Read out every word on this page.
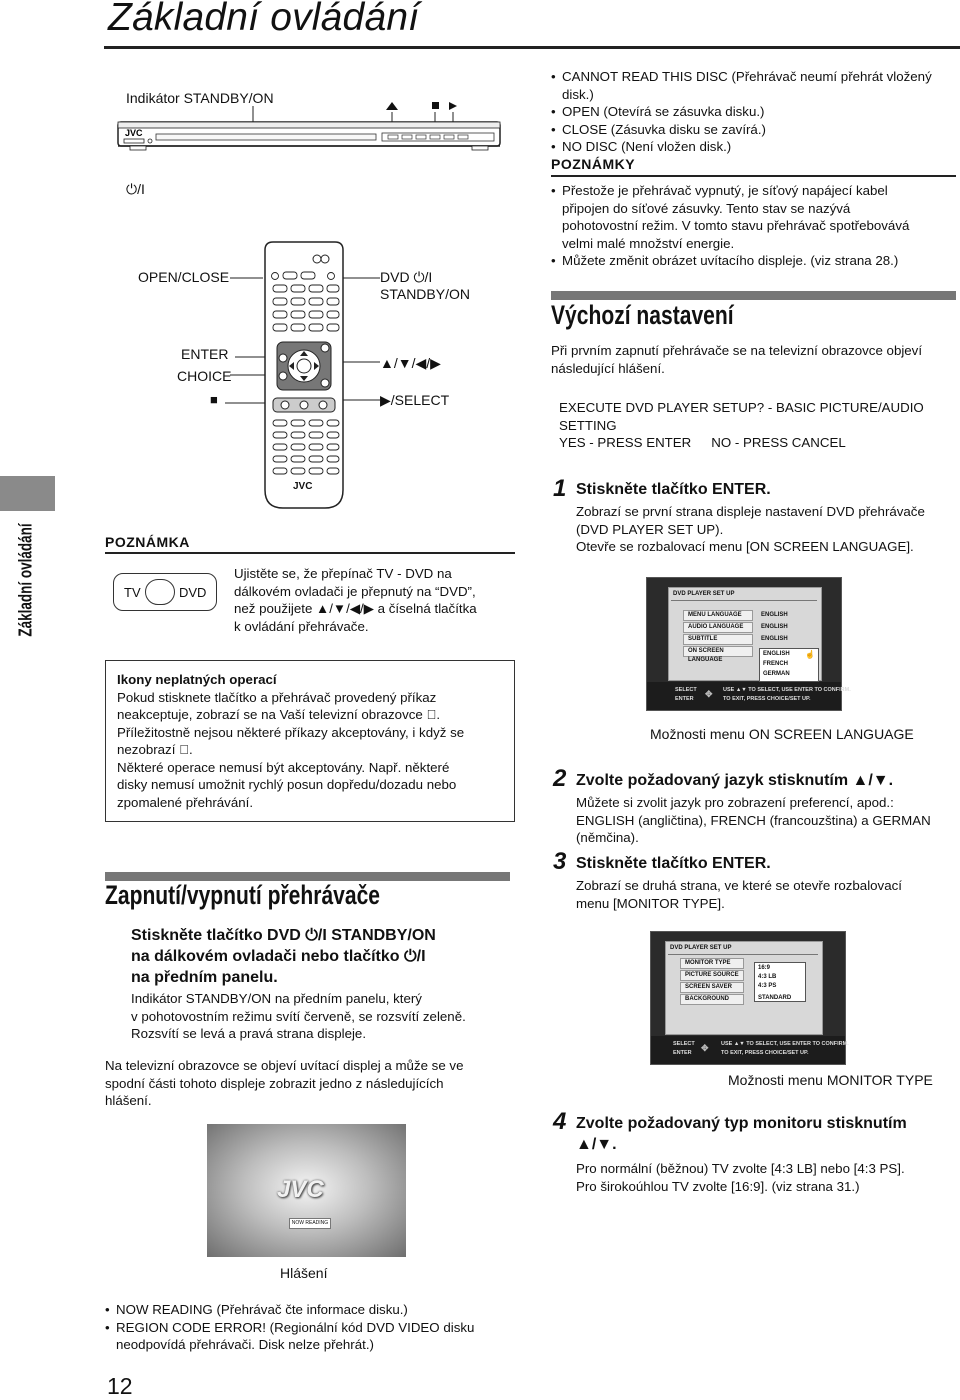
Základní ovládání
Základní ovládání
Indikátor STANDBY/ON
JVC
⏻/I
OPEN/CLOSE
ENTER
CHOICE
■
DVD ⏻/I
STANDBY/ON
▲/▼/◀/▶
▶/SELECT
JVC
POZNÁMKA
TV	DVD
Ujistěte se, že přepínač TV - DVD na
dálkovém ovladači je přepnutý na “DVD”,
než použijete ▲/▼/◀/▶ a číselná tlačítka
k ovládání přehrávače.
Ikony neplatných operací
Pokud stisknete tlačítko a přehrávač provedený příkaz
neakceptuje, zobrazí se na Vaší televizní obrazovce ⃠.
Příležitostně nejsou některé příkazy akceptovány, i když se
nezobrazí ⃠.
Některé operace nemusí být akceptovány. Např. některé
disky nemusí umožnit rychlý posun dopředu/dozadu nebo
zpomalené přehrávání.
Zapnutí/vypnutí přehrávače
Stiskněte tlačítko DVD ⏻/I STANDBY/ON
na dálkovém ovladači nebo tlačítko ⏻/I
na předním panelu.
Indikátor STANDBY/ON na předním panelu, který
v pohotovostním režimu svítí červeně, se rozsvítí zeleně.
Rozsvítí se levá a pravá strana displeje.
Na televizní obrazovce se objeví uvítací displej a může se ve
spodní části tohoto displeje zobrazit jedno z následujících
hlášení.
JVC
NOW READING
Hlášení
• NOW READING (Přehrávač čte informace disku.)
• REGION CODE ERROR! (Regionální kód DVD VIDEO disku
neodpovídá přehrávači. Disk nelze přehrát.)
12
• CANNOT READ THIS DISC (Přehrávač neumí přehrát vložený
disk.)
• OPEN (Otevírá se zásuvka disku.)
• CLOSE (Zásuvka disku se zavírá.)
• NO DISC (Není vložen disk.)
POZNÁMKY
• Přestože je přehrávač vypnutý, je síťový napájecí kabel
připojen do síťové zásuvky. Tento stav se nazývá
pohotovostní režim. V tomto stavu přehrávač spotřebovává
velmi malé množství energie.
• Můžete změnit obrázet uvítacího displeje. (viz strana 28.)
Výchozí nastavení
Při prvním zapnutí přehrávače se na televizní obrazovce objeví
následující hlášení.
EXECUTE DVD PLAYER SETUP? - BASIC PICTURE/AUDIO
SETTING
YES - PRESS ENTER NO - PRESS CANCEL
1 Stiskněte tlačítko ENTER.
Zobrazí se první strana displeje nastavení DVD přehrávače
(DVD PLAYER SET UP).
Otevře se rozbalovací menu [ON SCREEN LANGUAGE].
DVD PLAYER SET UP
MENU LANGUAGE	ENGLISH
AUDIO LANGUAGE	ENGLISH
SUBTITLE	ENGLISH
ON SCREEN LANGUAGE
ENGLISH
FRENCH
GERMAN
☝
SELECT
ENTER ✥ USE ▲▼ TO SELECT, USE ENTER TO CONFIRM.
TO EXIT, PRESS CHOICE/SET UP.
Možnosti menu ON SCREEN LANGUAGE
2 Zvolte požadovaný jazyk stisknutím ▲/▼.
Můžete si zvolit jazyk pro zobrazení preferencí, apod.:
ENGLISH (angličtina), FRENCH (francouzština) a GERMAN
(němčina).
3 Stiskněte tlačítko ENTER.
Zobrazí se druhá strana, ve které se otevře rozbalovací
menu [MONITOR TYPE].
DVD PLAYER SET UP
MONITOR TYPE
PICTURE SOURCE
SCREEN SAVER
BACKGROUND
16:9
4:3 LB
4:3 PS
STANDARD
SELECT
ENTER ✥ USE ▲▼ TO SELECT, USE ENTER TO CONFIRM.
TO EXIT, PRESS CHOICE/SET UP.
Možnosti menu MONITOR TYPE
4 Zvolte požadovaný typ monitoru stisknutím
▲/▼.
Pro normální (běžnou) TV zvolte [4:3 LB] nebo [4:3 PS].
Pro širokoúhlou TV zvolte [16:9]. (viz strana 31.)
